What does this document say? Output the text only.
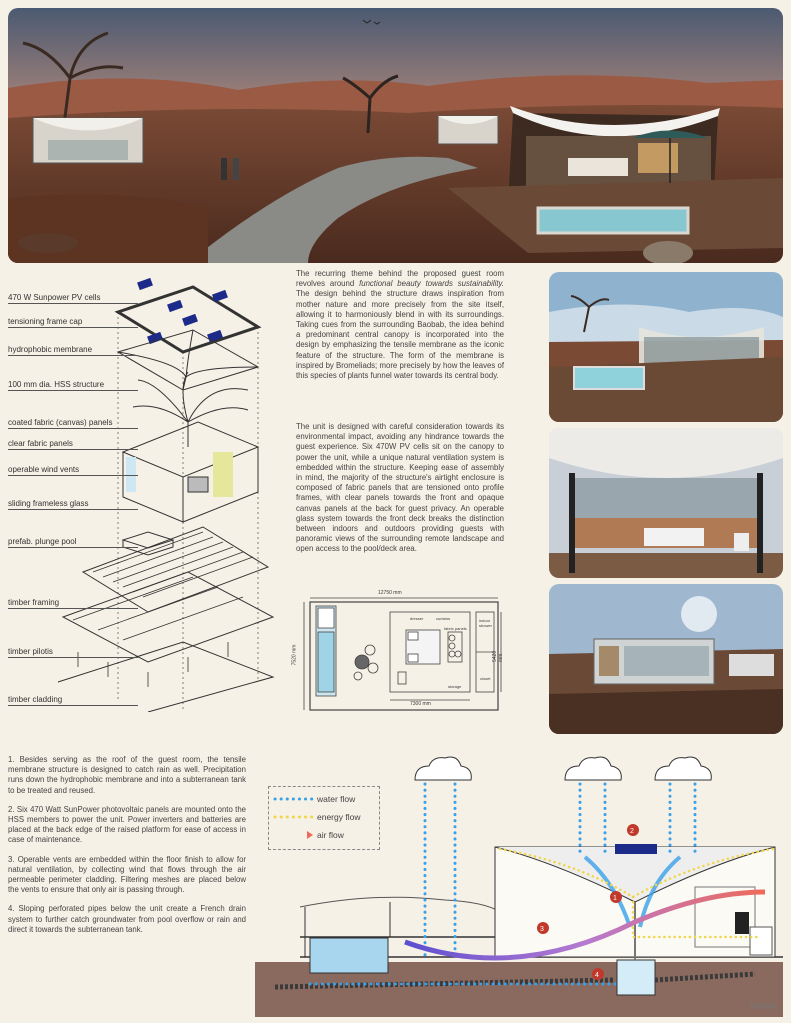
470 W Sunpower PV cells
tensioning frame cap
hydrophobic membrane
100 mm dia. HSS structure
coated fabric (canvas) panels
clear fabric panels
operable wind vents
sliding frameless glass
prefab. plunge pool
timber framing
timber pilotis
timber cladding

The recurring theme behind the proposed guest room revolves around functional beauty towards sustainability. The design behind the structure draws inspiration from mother nature and more precisely from the site itself, allowing it to harmoniously blend in with its surroundings. Taking cues from the surrounding Baobab, the idea behind a predominant central canopy is incorporated into the design by emphasizing the tensile membrane as the iconic feature of the structure. The form of the membrane is inspired by Bromeliads; more precisely by how the leaves of this species of plants funnel water towards its central body.

The unit is designed with careful consideration towards its environmental impact, avoiding any hindrance towards the guest experience. Six 470W PV cells sit on the canopy to power the unit, while a unique natural ventilation system is embedded within the structure. Keeping ease of assembly in mind, the majority of the structure's airtight enclosure is composed of fabric panels that are tensioned onto profile frames, with clear panels towards the front and opaque canvas panels at the back for guest privacy. An operable glass system towards the front deck breaks the distinction between indoors and outdoors providing guests with panoramic views of the surrounding remote landscape and open access to the pool/deck area.

12750 mm
7300 mm
7520 mm	5420 mm
dresser	curtains
fabric panels
indoor shower
closet
storage

1. Besides serving as the roof of the guest room, the tensile membrane structure is designed to catch rain as well. Precipitation runs down the hydrophobic membrane and into a subterranean tank to be treated and reused.

2. Six 470 Watt SunPower photovoltaic panels are mounted onto the HSS members to power the unit. Power inverters and batteries are placed at the back edge of the raised platform for ease of access in case of maintenance.

3. Operable vents are embedded within the floor finish to allow for natural ventilation, by collecting wind that flows through the air permeable perimeter cladding. Filtering meshes are placed below the vents to ensure that only air is passing through.

4. Sloping perforated pipes below the unit create a French drain system to further catch groundwater from pool overflow or rain and direct it towards the subterranean tank.

1
2
3
4
water flow
energy flow
air flow
090494
